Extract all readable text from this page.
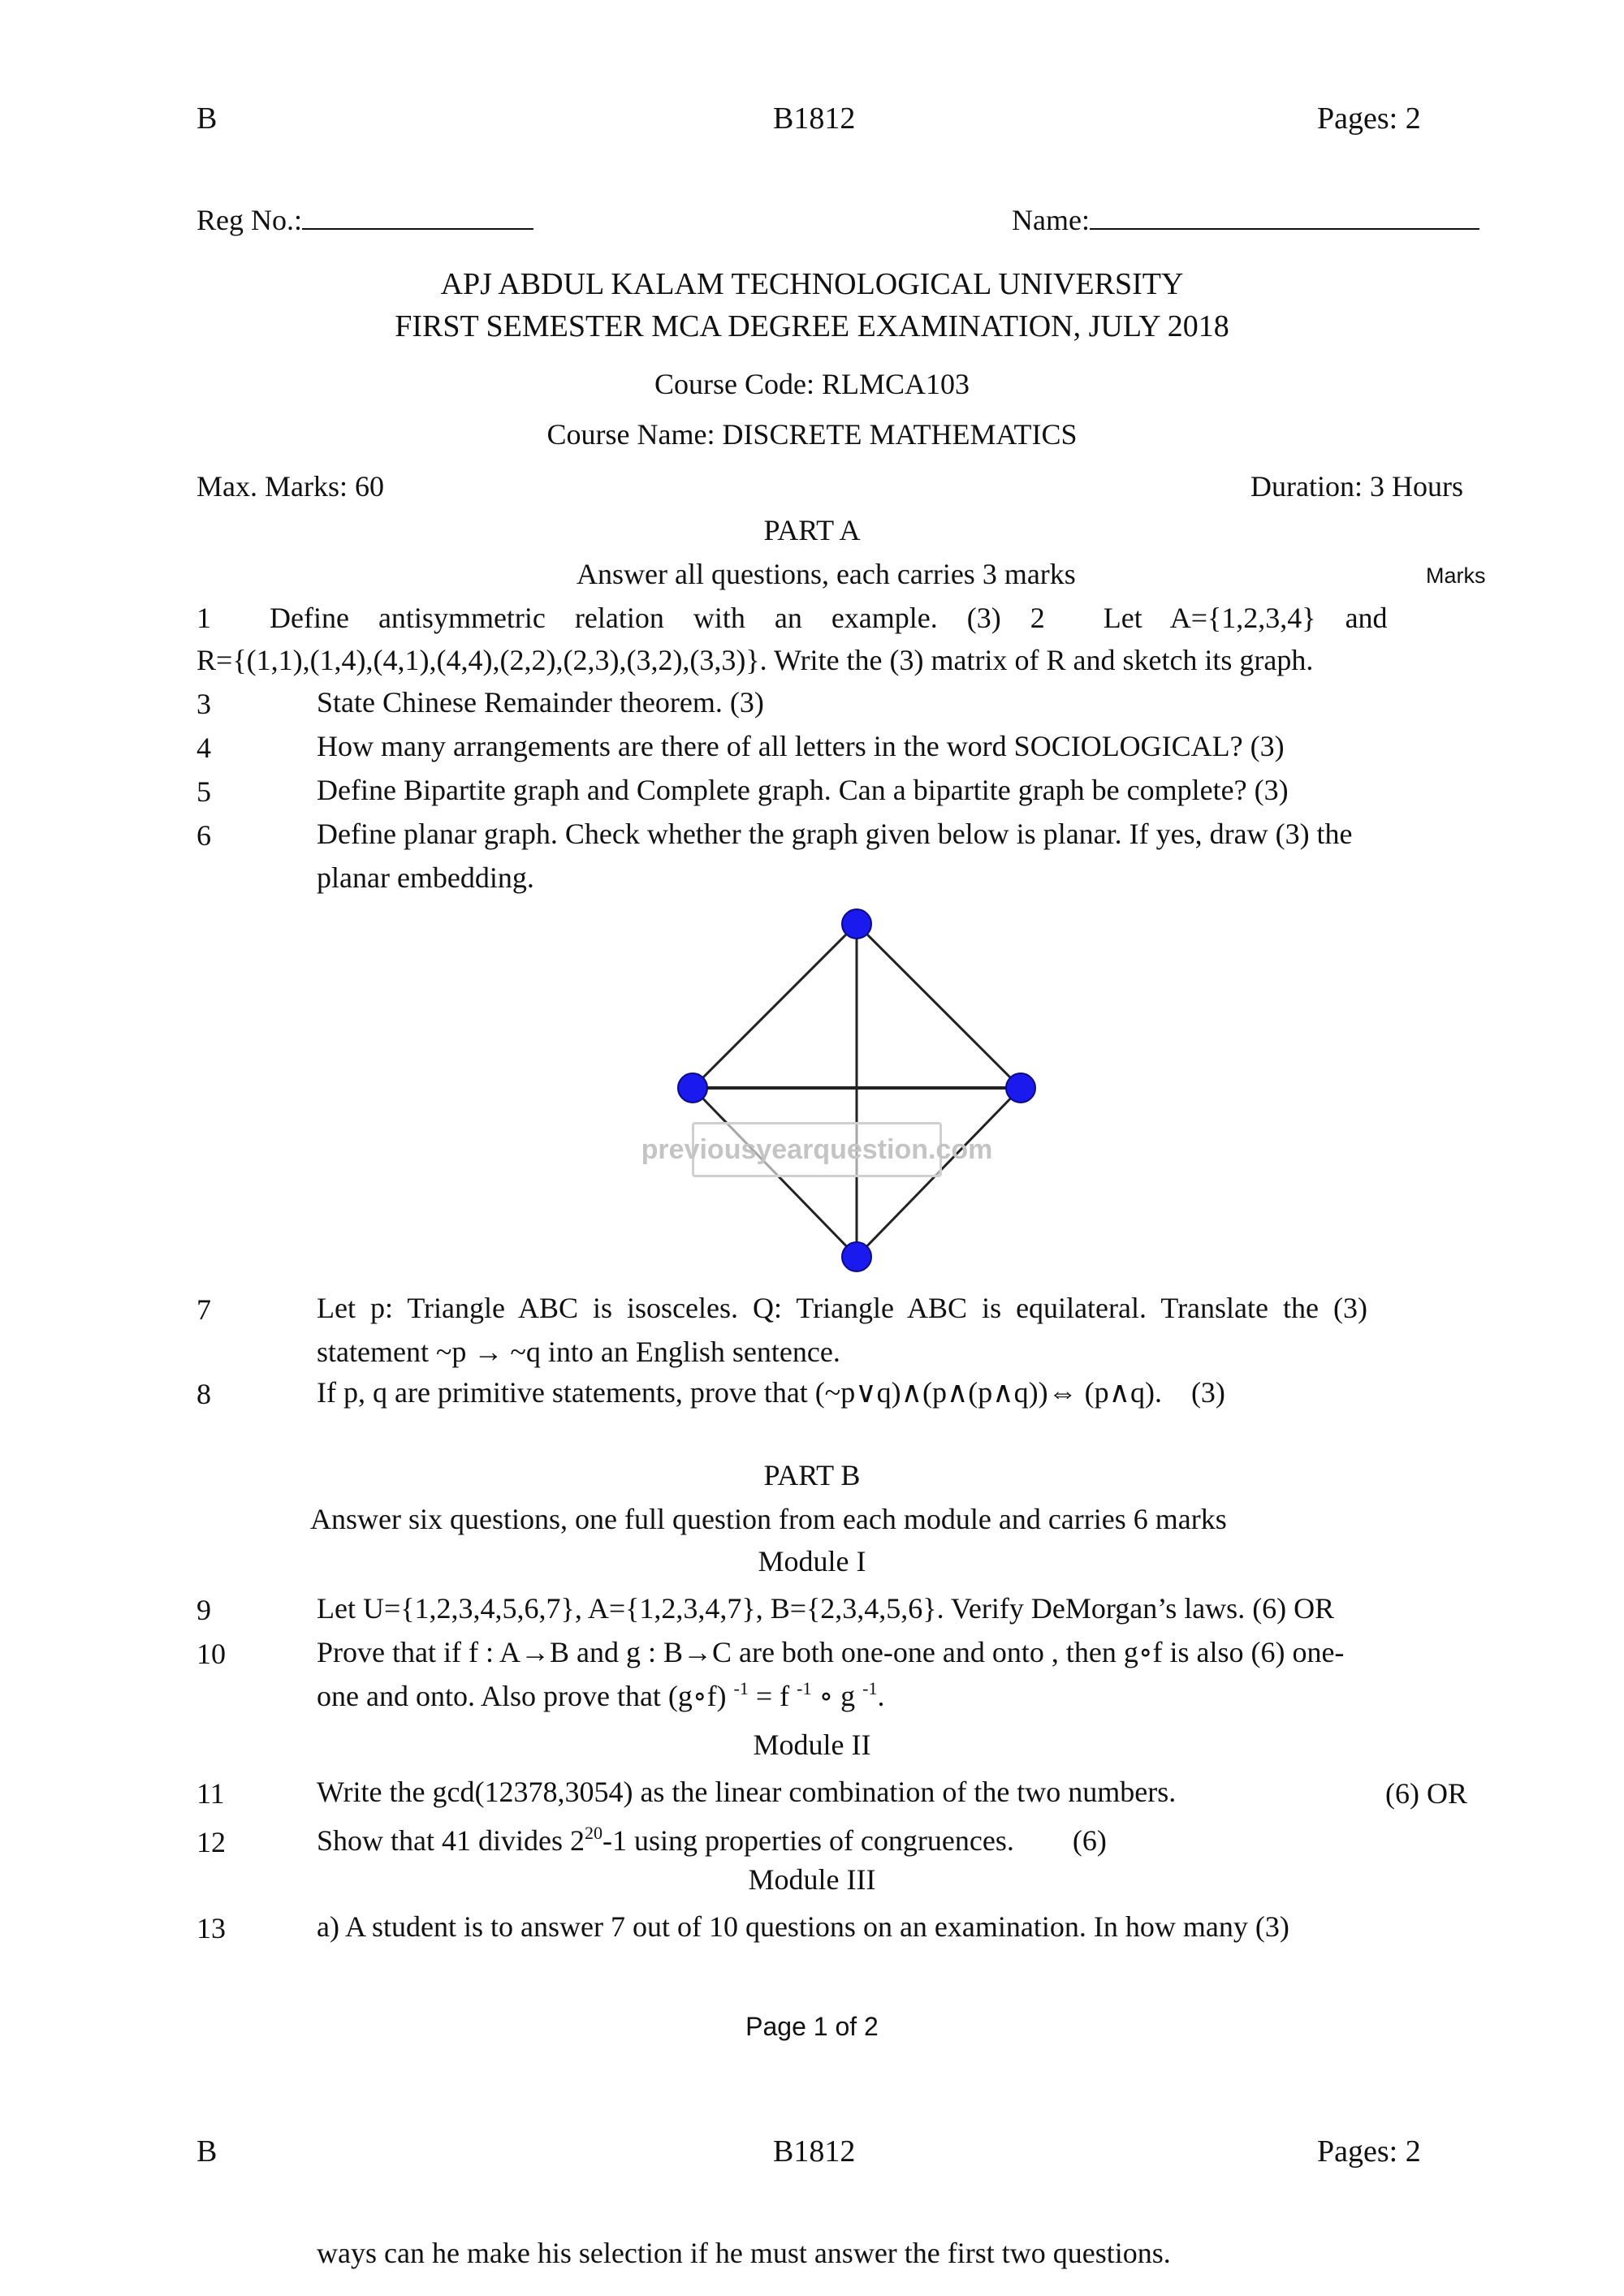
B	B1812	Pages: 2
Reg No.:	Name:
APJ ABDUL KALAM TECHNOLOGICAL UNIVERSITY
FIRST SEMESTER MCA DEGREE EXAMINATION, JULY 2018
Course Code: RLMCA103
Course Name: DISCRETE MATHEMATICS
Max. Marks: 60	Duration: 3 Hours
PART A
Answer all questions, each carries 3 marks	Marks
1        Define    antisymmetric    relation    with    an    example.    (3)    2        Let    A={1,2,3,4}    and
R={(1,1),(1,4),(4,1),(4,4),(2,2),(2,3),(3,2),(3,3)}. Write the (3) matrix of R and sketch its graph.
3	State Chinese Remainder theorem. (3)
4	How many arrangements are there of all letters in the word SOCIOLOGICAL? (3)
5	Define Bipartite graph and Complete graph. Can a bipartite graph be complete? (3)
6	Define planar graph. Check whether the graph given below is planar. If yes, draw (3) the
planar embedding.
previousyearquestion.com
7	Let  p:  Triangle  ABC  is  isosceles.  Q:  Triangle  ABC  is  equilateral.  Translate  the  (3)
statement ~p → ~q into an English sentence.
8	If p, q are primitive statements, prove that (~p∨q)∧(p∧(p∧q))⇔ (p∧q).    (3)
PART B
Answer six questions, one full question from each module and carries 6 marks
Module I
9	Let U={1,2,3,4,5,6,7}, A={1,2,3,4,7}, B={2,3,4,5,6}. Verify DeMorgan’s laws. (6) OR
10	Prove that if f : A→B and g : B→C are both one-one and onto , then g∘f is also (6) one-
one and onto. Also prove that (g∘f) $^{-1}$ = f $^{-1}$ ∘ g $^{-1}$.
Module II
11	Write the gcd(12378,3054) as the linear combination of the two numbers.	(6) OR
12	Show that 41 divides $2^{20}-1$ using properties of congruences.        (6)
Module III
13	a) A student is to answer 7 out of 10 questions on an examination. In how many (3)
Page 1 of 2
B	B1812	Pages: 2
ways can he make his selection if he must answer the first two questions.
